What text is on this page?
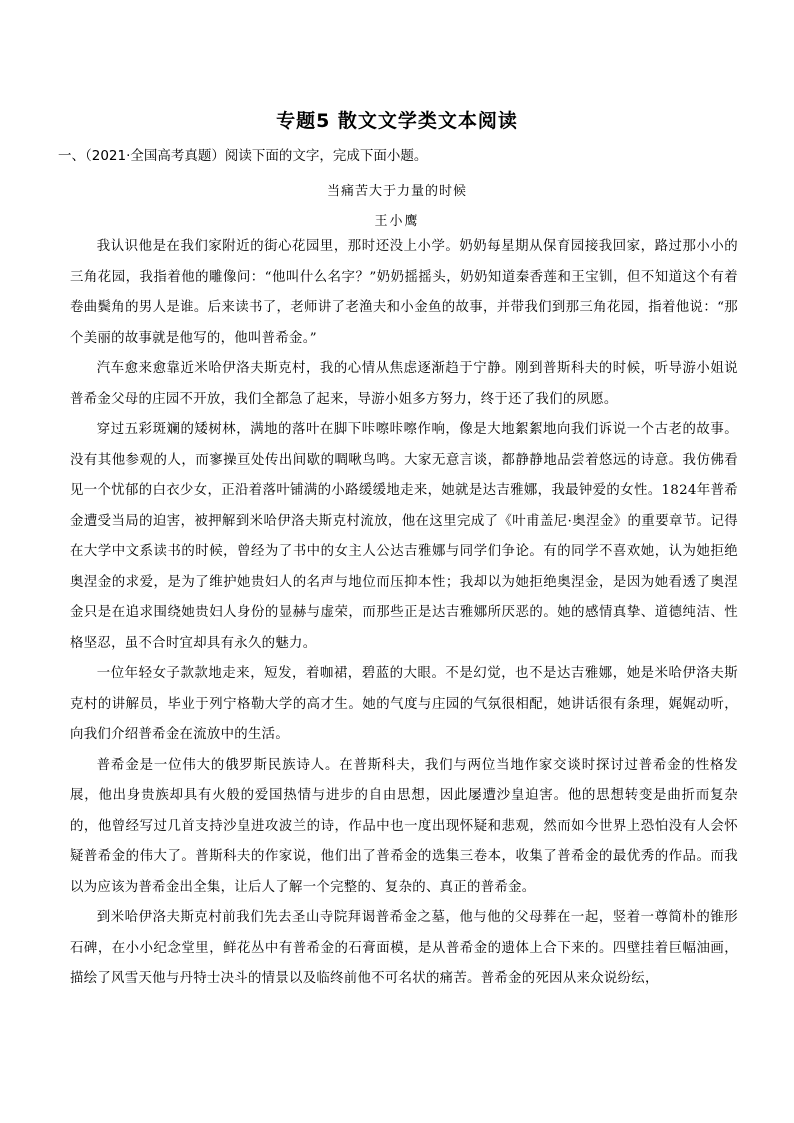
专题5 散文文学类文本阅读
一、（2021·全国高考真题）阅读下面的文字，完成下面小题。
当痛苦大于力量的时候
王小鹰

我认识他是在我们家附近的街心花园里，那时还没上小学。奶奶每星期从保育园接我回家，路过那小小的三角花园，我指着他的雕像问：“他叫什么名字？”奶奶摇摇头，奶奶知道秦香莲和王宝钏，但不知道这个有着卷曲鬓角的男人是谁。后来读书了，老师讲了老渔夫和小金鱼的故事，并带我们到那三角花园，指着他说：“那个美丽的故事就是他写的，他叫普希金。”

汽车愈来愈靠近米哈伊洛夫斯克村，我的心情从焦虑逐渐趋于宁静。刚到普斯科夫的时候，听导游小姐说普希金父母的庄园不开放，我们全都急了起来，导游小姐多方努力，终于还了我们的夙愿。

穿过五彩斑斓的矮树林，满地的落叶在脚下咔嚓咔嚓作响，像是大地絮絮地向我们诉说一个古老的故事。没有其他参观的人，而寥操亘处传出间歇的啁啾鸟鸣。大家无意言谈，都静静地品尝着悠远的诗意。我仿佛看见一个忧郁的白衣少女，正沿着落叶铺满的小路缓缓地走来，她就是达吉雅娜，我最钟爱的女性。1824年普希金遭受当局的迫害，被押解到米哈伊洛夫斯克村流放，他在这里完成了《叶甫盖尼·奥涅金》的重要章节。记得在大学中文系读书的时候，曾经为了书中的女主人公达吉雅娜与同学们争论。有的同学不喜欢她，认为她拒绝奥涅金的求爱，是为了维护她贵妇人的名声与地位而压抑本性；我却以为她拒绝奥涅金，是因为她看透了奥涅金只是在追求围绕她贵妇人身份的显赫与虚荣，而那些正是达吉雅娜所厌恶的。她的感情真挚、道德纯洁、性格坚忍，虽不合时宜却具有永久的魅力。

一位年轻女子款款地走来，短发，着咖裙，碧蓝的大眼。不是幻觉，也不是达吉雅娜，她是米哈伊洛夫斯克村的讲解员，毕业于列宁格勒大学的高才生。她的气度与庄园的气氛很相配，她讲话很有条理，娓娓动听，向我们介绍普希金在流放中的生活。

普希金是一位伟大的俄罗斯民族诗人。在普斯科夫，我们与两位当地作家交谈时探讨过普希金的性格发展，他出身贵族却具有火般的爱国热情与进步的自由思想，因此屡遭沙皇迫害。他的思想转变是曲折而复杂的，他曾经写过几首支持沙皇进攻波兰的诗，作品中也一度出现怀疑和悲观，然而如今世界上恐怕没有人会怀疑普希金的伟大了。普斯科夫的作家说，他们出了普希金的选集三卷本，收集了普希金的最优秀的作品。而我以为应该为普希金出全集，让后人了解一个完整的、复杂的、真正的普希金。

到米哈伊洛夫斯克村前我们先去圣山寺院拜谒普希金之墓，他与他的父母葬在一起，竖着一尊简朴的锥形石碑，在小小纪念堂里，鲜花丛中有普希金的石膏面模，是从普希金的遗体上合下来的。四壁挂着巨幅油画，描绘了风雪天他与丹特士决斗的情景以及临终前他不可名状的痛苦。普希金的死因从来众说纷纭，
